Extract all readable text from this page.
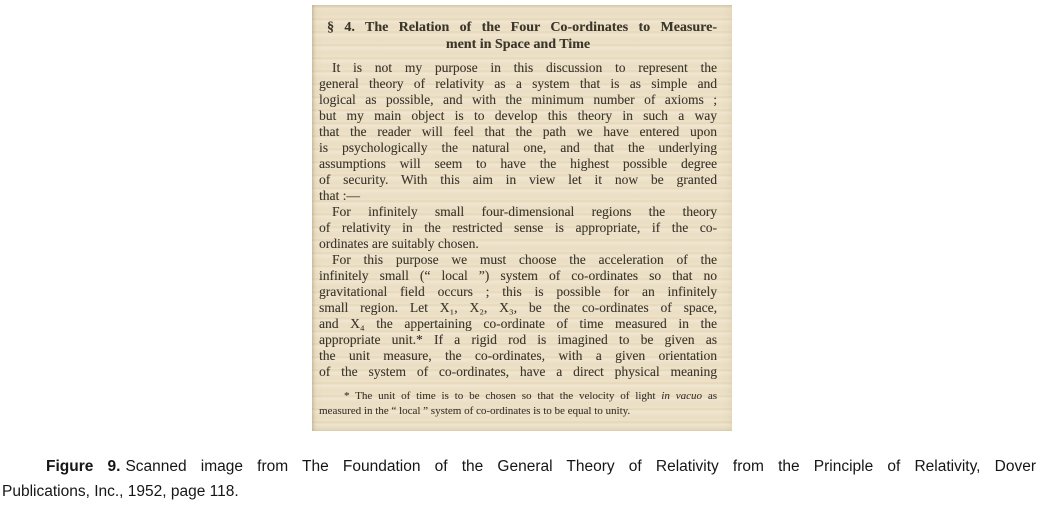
§ 4. The Relation of the Four Co-ordinates to Measure-
ment in Space and Time
It is not my purpose in this discussion to represent the
general theory of relativity as a system that is as simple and
logical as possible, and with the minimum number of axioms ;
but my main object is to develop this theory in such a way
that the reader will feel that the path we have entered upon
is psychologically the natural one, and that the underlying
assumptions will seem to have the highest possible degree
of security. With this aim in view let it now be granted
that :—
For infinitely small four-dimensional regions the theory
of relativity in the restricted sense is appropriate, if the co-
ordinates are suitably chosen.
For this purpose we must choose the acceleration of the
infinitely small (“ local ”) system of co-ordinates so that no
gravitational field occurs ; this is possible for an infinitely
small region. Let X₁, X₂, X₃, be the co-ordinates of space,
and X₄ the appertaining co-ordinate of time measured in the
appropriate unit.* If a rigid rod is imagined to be given as
the unit measure, the co-ordinates, with a given orientation
of the system of co-ordinates, have a direct physical meaning
* The unit of time is to be chosen so that the velocity of light in vacuo as
measured in the “ local ” system of co-ordinates is to be equal to unity.

Figure 9. Scanned image from The Foundation of the General Theory of Relativity from the Principle of Relativity, Dover
Publications, Inc., 1952, page 118.
